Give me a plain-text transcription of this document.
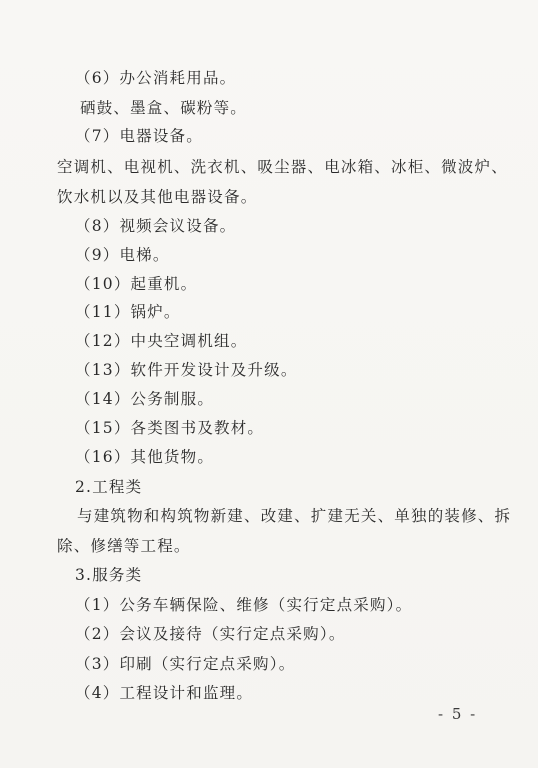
（6）办公消耗用品。
硒鼓、墨盒、碳粉等。
（7）电器设备。
空调机、电视机、洗衣机、吸尘器、电冰箱、冰柜、微波炉、
饮水机以及其他电器设备。
（8）视频会议设备。
（9）电梯。
（10）起重机。
（11）锅炉。
（12）中央空调机组。
（13）软件开发设计及升级。
（14）公务制服。
（15）各类图书及教材。
（16）其他货物。
2.工程类
与建筑物和构筑物新建、改建、扩建无关、单独的装修、拆
除、修缮等工程。
3.服务类
（1）公务车辆保险、维修（实行定点采购）。
（2）会议及接待（实行定点采购）。
（3）印刷（实行定点采购）。
（4）工程设计和监理。
- 5 -
